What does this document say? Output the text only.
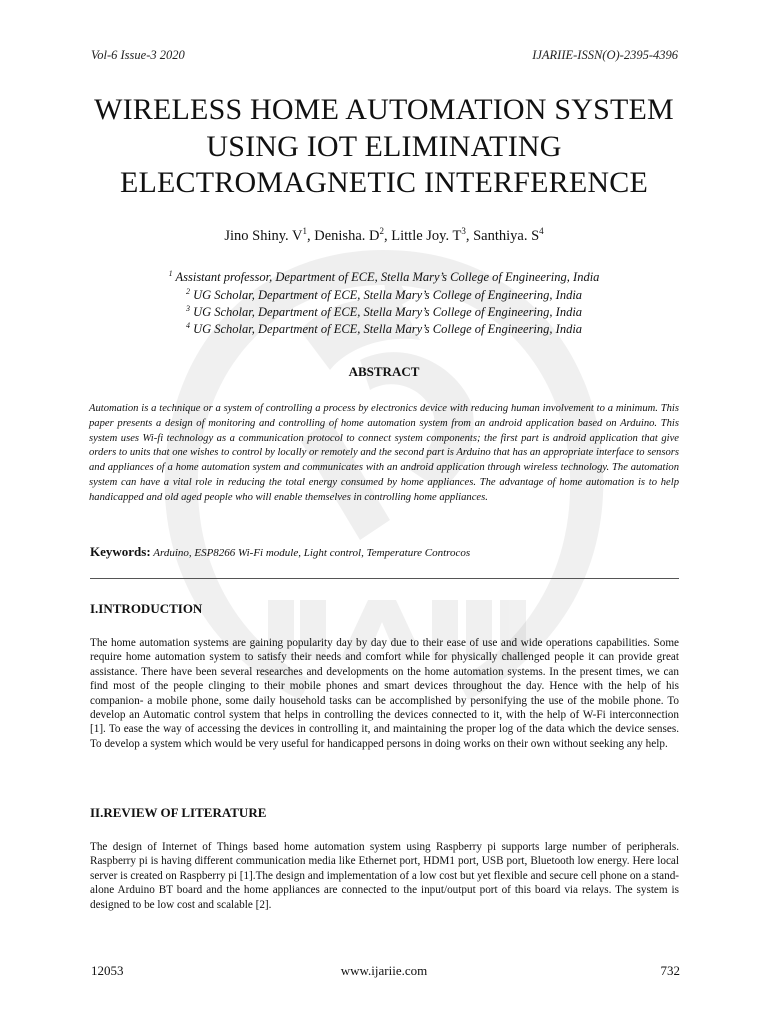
Vol-6 Issue-3 2020	IJARIIE-ISSN(O)-2395-4396
WIRELESS HOME AUTOMATION SYSTEM USING IOT ELIMINATING ELECTROMAGNETIC INTERFERENCE
Jino Shiny. $V^1$, Denisha. $D^2$, Little Joy. $T^3$, Santhiya. $S^4$
$^1$ Assistant professor, Department of ECE, Stella Mary’s College of Engineering, India
$^2$ UG Scholar, Department of ECE, Stella Mary’s College of Engineering, India
$^3$ UG Scholar, Department of ECE, Stella Mary’s College of Engineering, India
$^4$ UG Scholar, Department of ECE, Stella Mary’s College of Engineering, India
ABSTRACT
Automation is a technique or a system of controlling a process by electronics device with reducing human involvement to a minimum. This paper presents a design of monitoring and controlling of home automation system from an android application based on Arduino. This system uses Wi-fi technology as a communication protocol to connect system components; the first part is android application that give orders to units that one wishes to control by locally or remotely and the second part is Arduino that has an appropriate interface to sensors and appliances of a home automation system and communicates with an android application through wireless technology. The automation system can have a vital role in reducing the total energy consumed by home appliances. The advantage of home automation is to help handicapped and old aged people who will enable themselves in controlling home appliances.
Keywords: Arduino, ESP8266 Wi-Fi module, Light control, Temperature Controcos
I.INTRODUCTION
The home automation systems are gaining popularity day by day due to their ease of use and wide operations capabilities. Some require home automation system to satisfy their needs and comfort while for physically challenged people it can provide great assistance. There have been several researches and developments on the home automation systems. In the present times, we can find most of the people clinging to their mobile phones and smart devices throughout the day. Hence with the help of his companion- a mobile phone, some daily household tasks can be accomplished by personifying the use of the mobile phone. To develop an Automatic control system that helps in controlling the devices connected to it, with the help of W-Fi interconnection [1]. To ease the way of accessing the devices in controlling it, and maintaining the proper log of the data which the device senses. To develop a system which would be very useful for handicapped persons in doing works on their own without seeking any help.
II.REVIEW OF LITERATURE
The design of Internet of Things based home automation system using Raspberry pi supports large number of peripherals. Raspberry pi is having different communication media like Ethernet port, HDM1 port, USB port, Bluetooth low energy. Here local server is created on Raspberry pi [1].The design and implementation of a low cost but yet flexible and secure cell phone on a stand-alone Arduino BT board and the home appliances are connected to the input/output port of this board via relays. The system is designed to be low cost and scalable [2].
12053	www.ijariie.com	732
